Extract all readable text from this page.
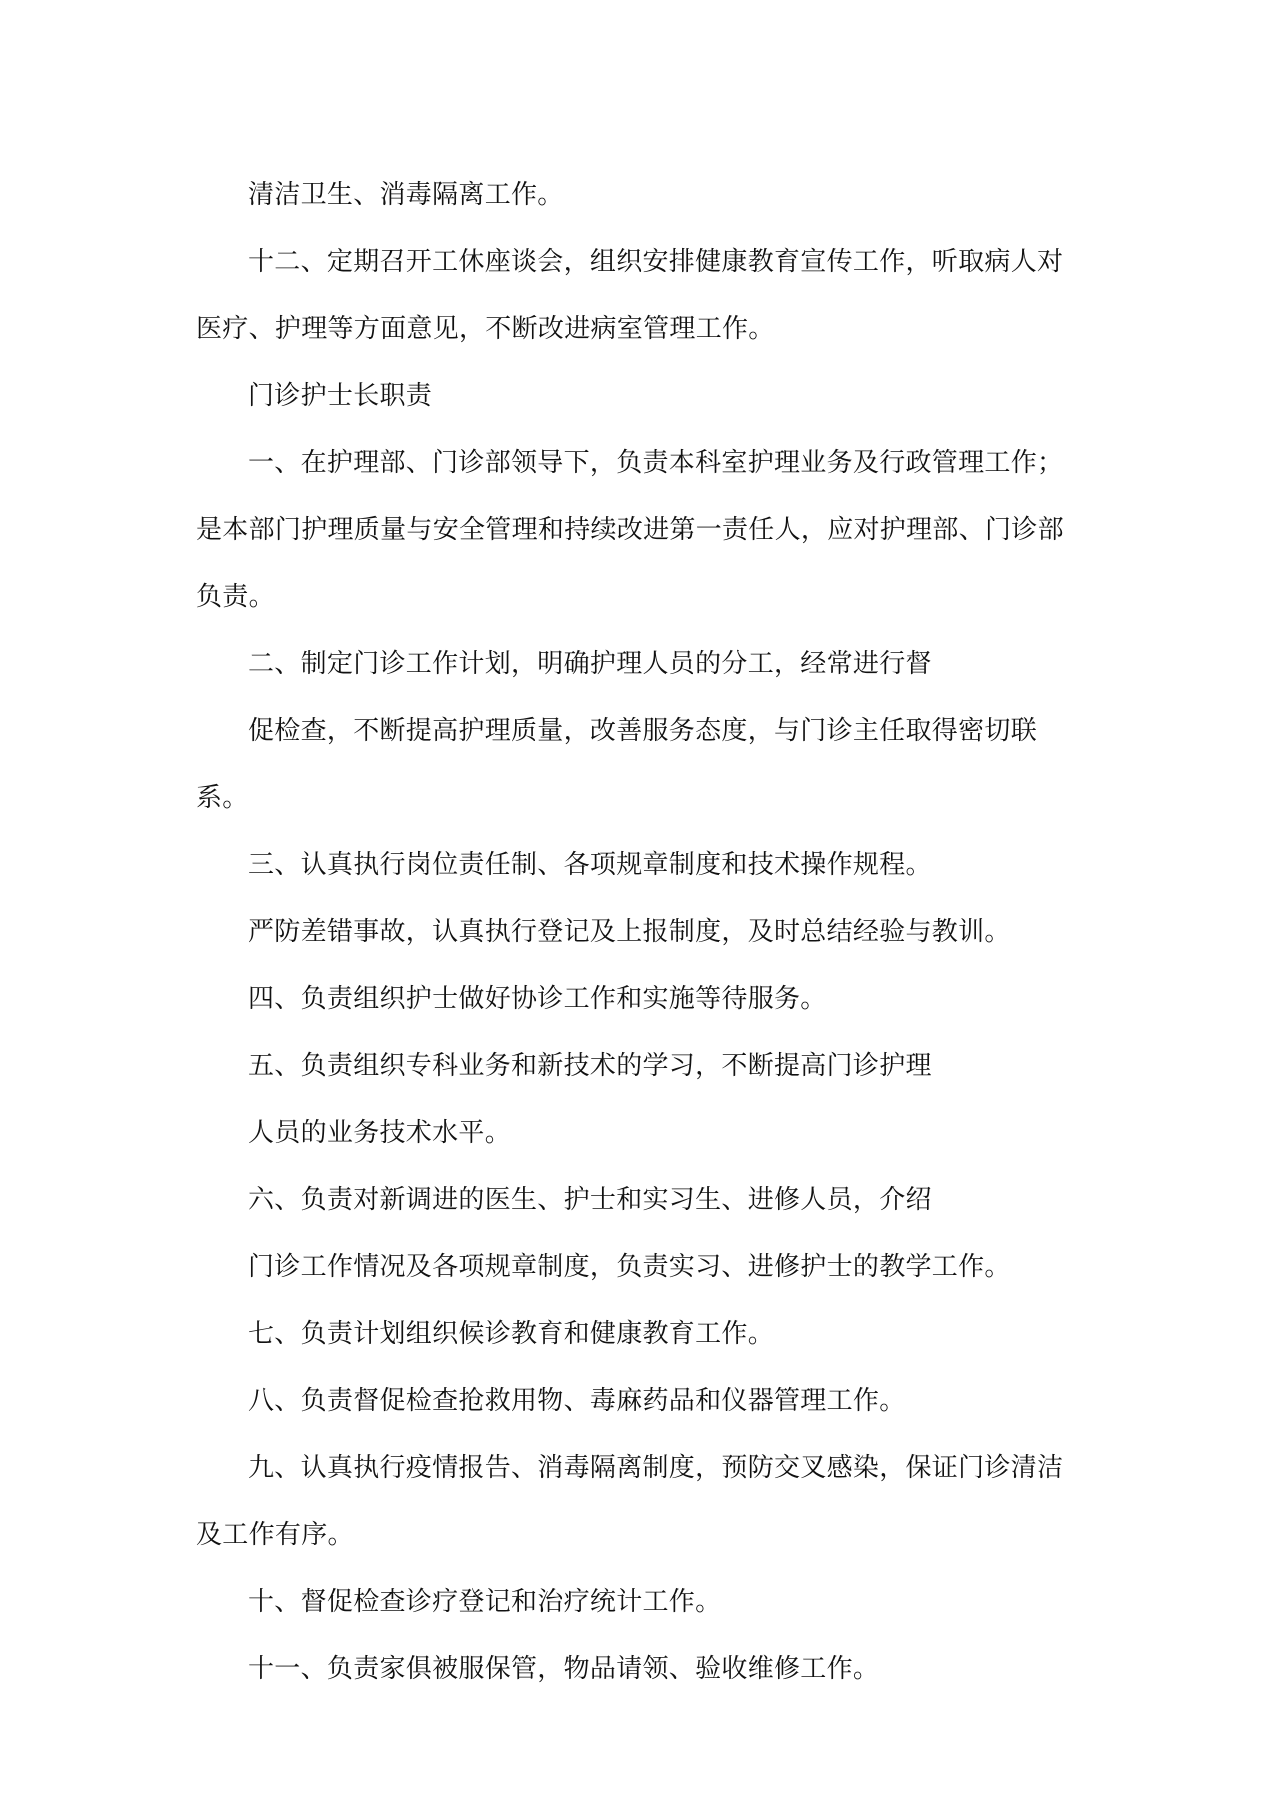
清洁卫生、消毒隔离工作。

十二、定期召开工休座谈会，组织安排健康教育宣传工作，听取病人对医疗、护理等方面意见，不断改进病室管理工作。

门诊护士长职责

一、在护理部、门诊部领导下，负责本科室护理业务及行政管理工作；是本部门护理质量与安全管理和持续改进第一责任人，应对护理部、门诊部负责。

二、制定门诊工作计划，明确护理人员的分工，经常进行督

促检查，不断提高护理质量，改善服务态度，与门诊主任取得密切联系。

三、认真执行岗位责任制、各项规章制度和技术操作规程。

严防差错事故，认真执行登记及上报制度，及时总结经验与教训。

四、负责组织护士做好协诊工作和实施等待服务。

五、负责组织专科业务和新技术的学习，不断提高门诊护理

人员的业务技术水平。

六、负责对新调进的医生、护士和实习生、进修人员，介绍

门诊工作情况及各项规章制度，负责实习、进修护士的教学工作。

七、负责计划组织候诊教育和健康教育工作。

八、负责督促检查抢救用物、毒麻药品和仪器管理工作。

九、认真执行疫情报告、消毒隔离制度，预防交叉感染，保证门诊清洁及工作有序。

十、督促检查诊疗登记和治疗统计工作。

十一、负责家俱被服保管，物品请领、验收维修工作。
